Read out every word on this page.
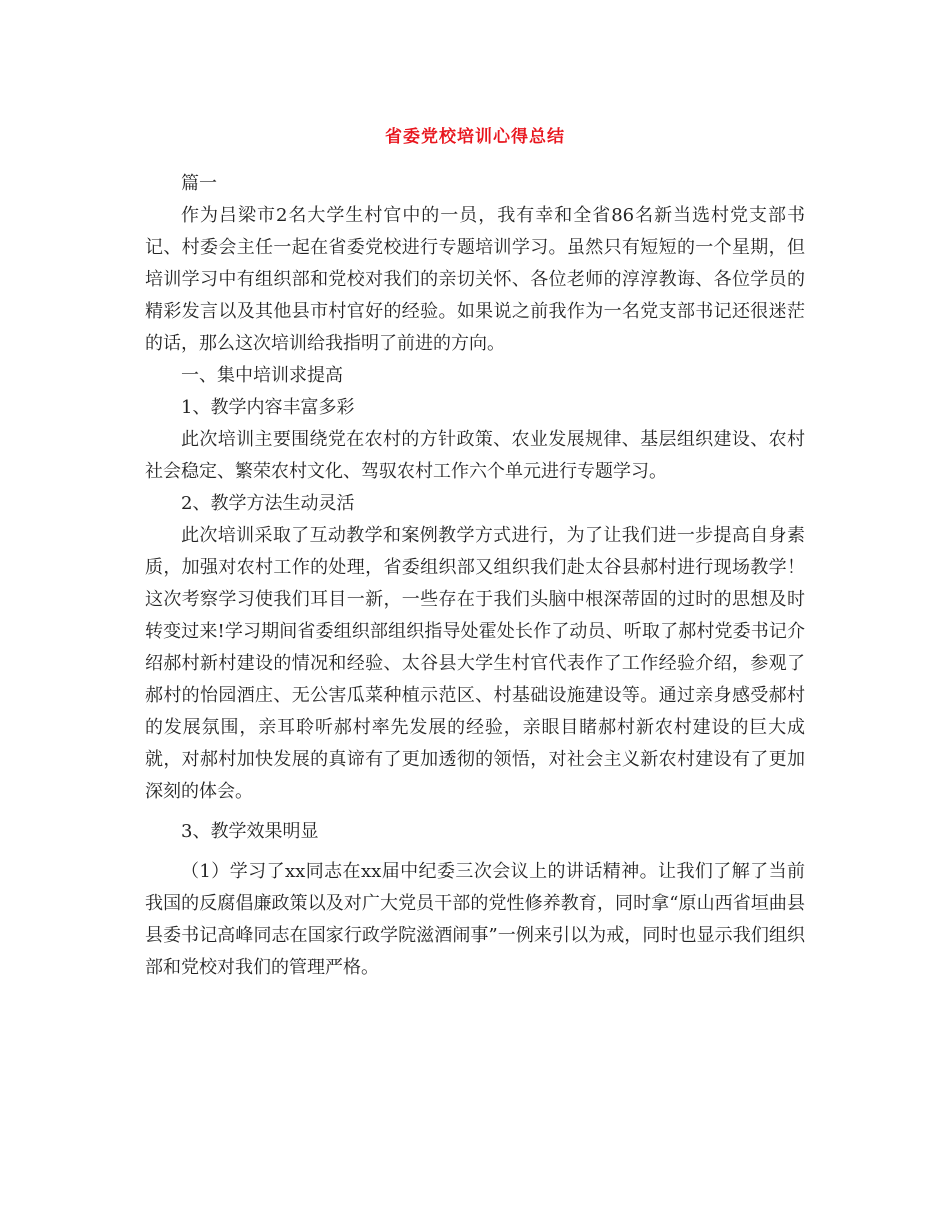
省委党校培训心得总结

篇一

作为吕梁市2名大学生村官中的一员，我有幸和全省86名新当选村党支部书记、村委会主任一起在省委党校进行专题培训学习。虽然只有短短的一个星期，但培训学习中有组织部和党校对我们的亲切关怀、各位老师的淳淳教诲、各位学员的精彩发言以及其他县市村官好的经验。如果说之前我作为一名党支部书记还很迷茫的话，那么这次培训给我指明了前进的方向。

一、集中培训求提高

1、教学内容丰富多彩

此次培训主要围绕党在农村的方针政策、农业发展规律、基层组织建设、农村社会稳定、繁荣农村文化、驾驭农村工作六个单元进行专题学习。

2、教学方法生动灵活

此次培训采取了互动教学和案例教学方式进行，为了让我们进一步提高自身素质，加强对农村工作的处理，省委组织部又组织我们赴太谷县郝村进行现场教学！这次考察学习使我们耳目一新，一些存在于我们头脑中根深蒂固的过时的思想及时转变过来!学习期间省委组织部组织指导处霍处长作了动员、听取了郝村党委书记介绍郝村新村建设的情况和经验、太谷县大学生村官代表作了工作经验介绍，参观了郝村的怡园酒庄、无公害瓜菜种植示范区、村基础设施建设等。通过亲身感受郝村的发展氛围，亲耳聆听郝村率先发展的经验，亲眼目睹郝村新农村建设的巨大成就，对郝村加快发展的真谛有了更加透彻的领悟，对社会主义新农村建设有了更加深刻的体会。

3、教学效果明显

（1）学习了xx同志在xx届中纪委三次会议上的讲话精神。让我们了解了当前我国的反腐倡廉政策以及对广大党员干部的党性修养教育，同时拿“原山西省垣曲县县委书记高峰同志在国家行政学院滋酒闹事”一例来引以为戒，同时也显示我们组织部和党校对我们的管理严格。
